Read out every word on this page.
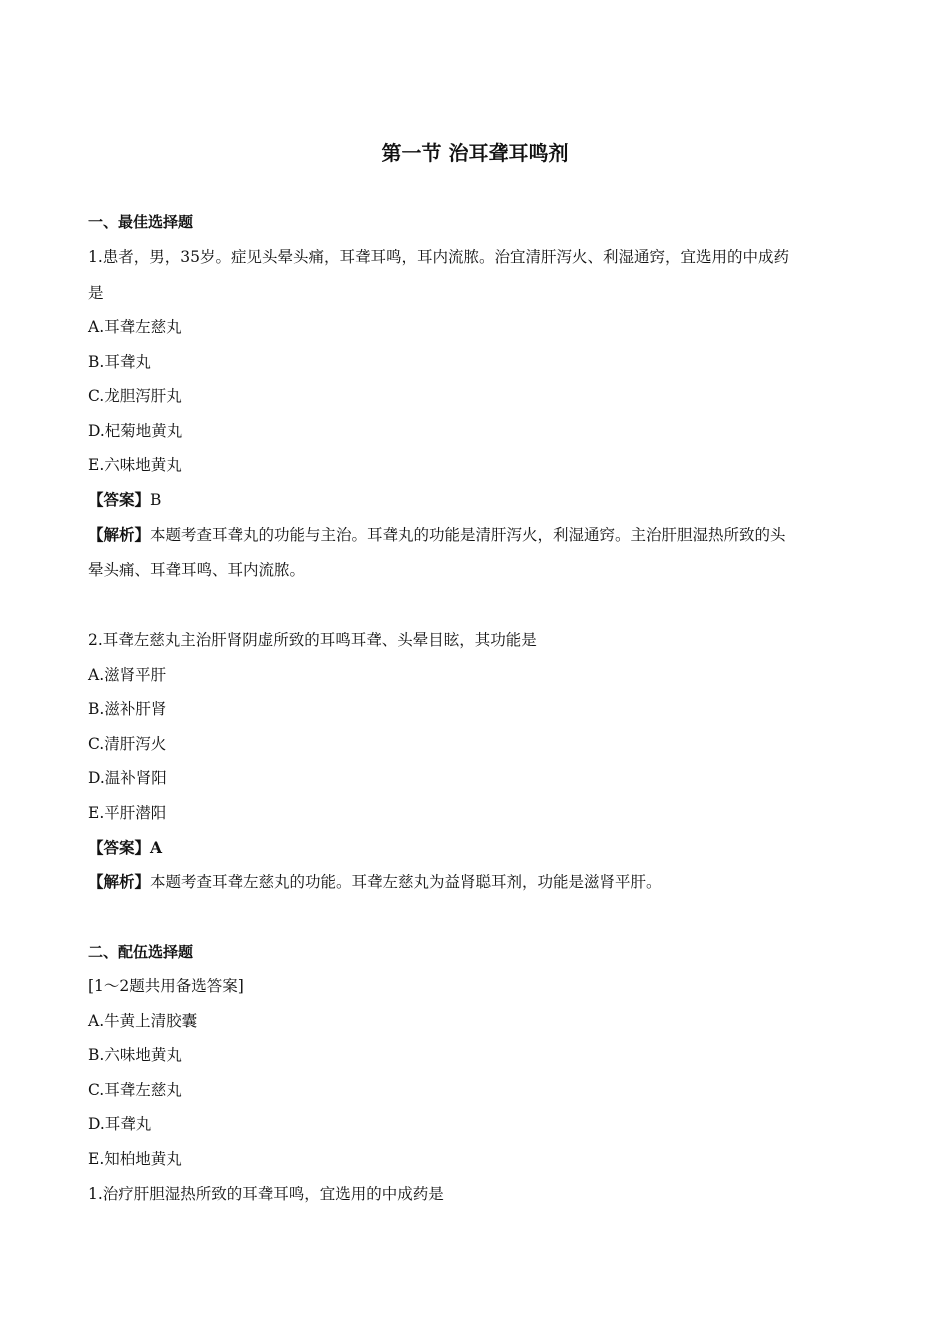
第一节 治耳聋耳鸣剂
一、最佳选择题
1.患者，男，35岁。症见头晕头痛，耳聋耳鸣，耳内流脓。治宜清肝泻火、利湿通窍，宜选用的中成药
是
A.耳聋左慈丸
B.耳聋丸
C.龙胆泻肝丸
D.杞菊地黄丸
E.六味地黄丸
【答案】B
【解析】本题考查耳聋丸的功能与主治。耳聋丸的功能是清肝泻火，利湿通窍。主治肝胆湿热所致的头
晕头痛、耳聋耳鸣、耳内流脓。
2.耳聋左慈丸主治肝肾阴虚所致的耳鸣耳聋、头晕目眩，其功能是
A.滋肾平肝
B.滋补肝肾
C.清肝泻火
D.温补肾阳
E.平肝潜阳
【答案】A
【解析】本题考查耳聋左慈丸的功能。耳聋左慈丸为益肾聪耳剂，功能是滋肾平肝。
二、配伍选择题
[1～2题共用备选答案]
A.牛黄上清胶囊
B.六味地黄丸
C.耳聋左慈丸
D.耳聋丸
E.知柏地黄丸
1.治疗肝胆湿热所致的耳聋耳鸣，宜选用的中成药是
